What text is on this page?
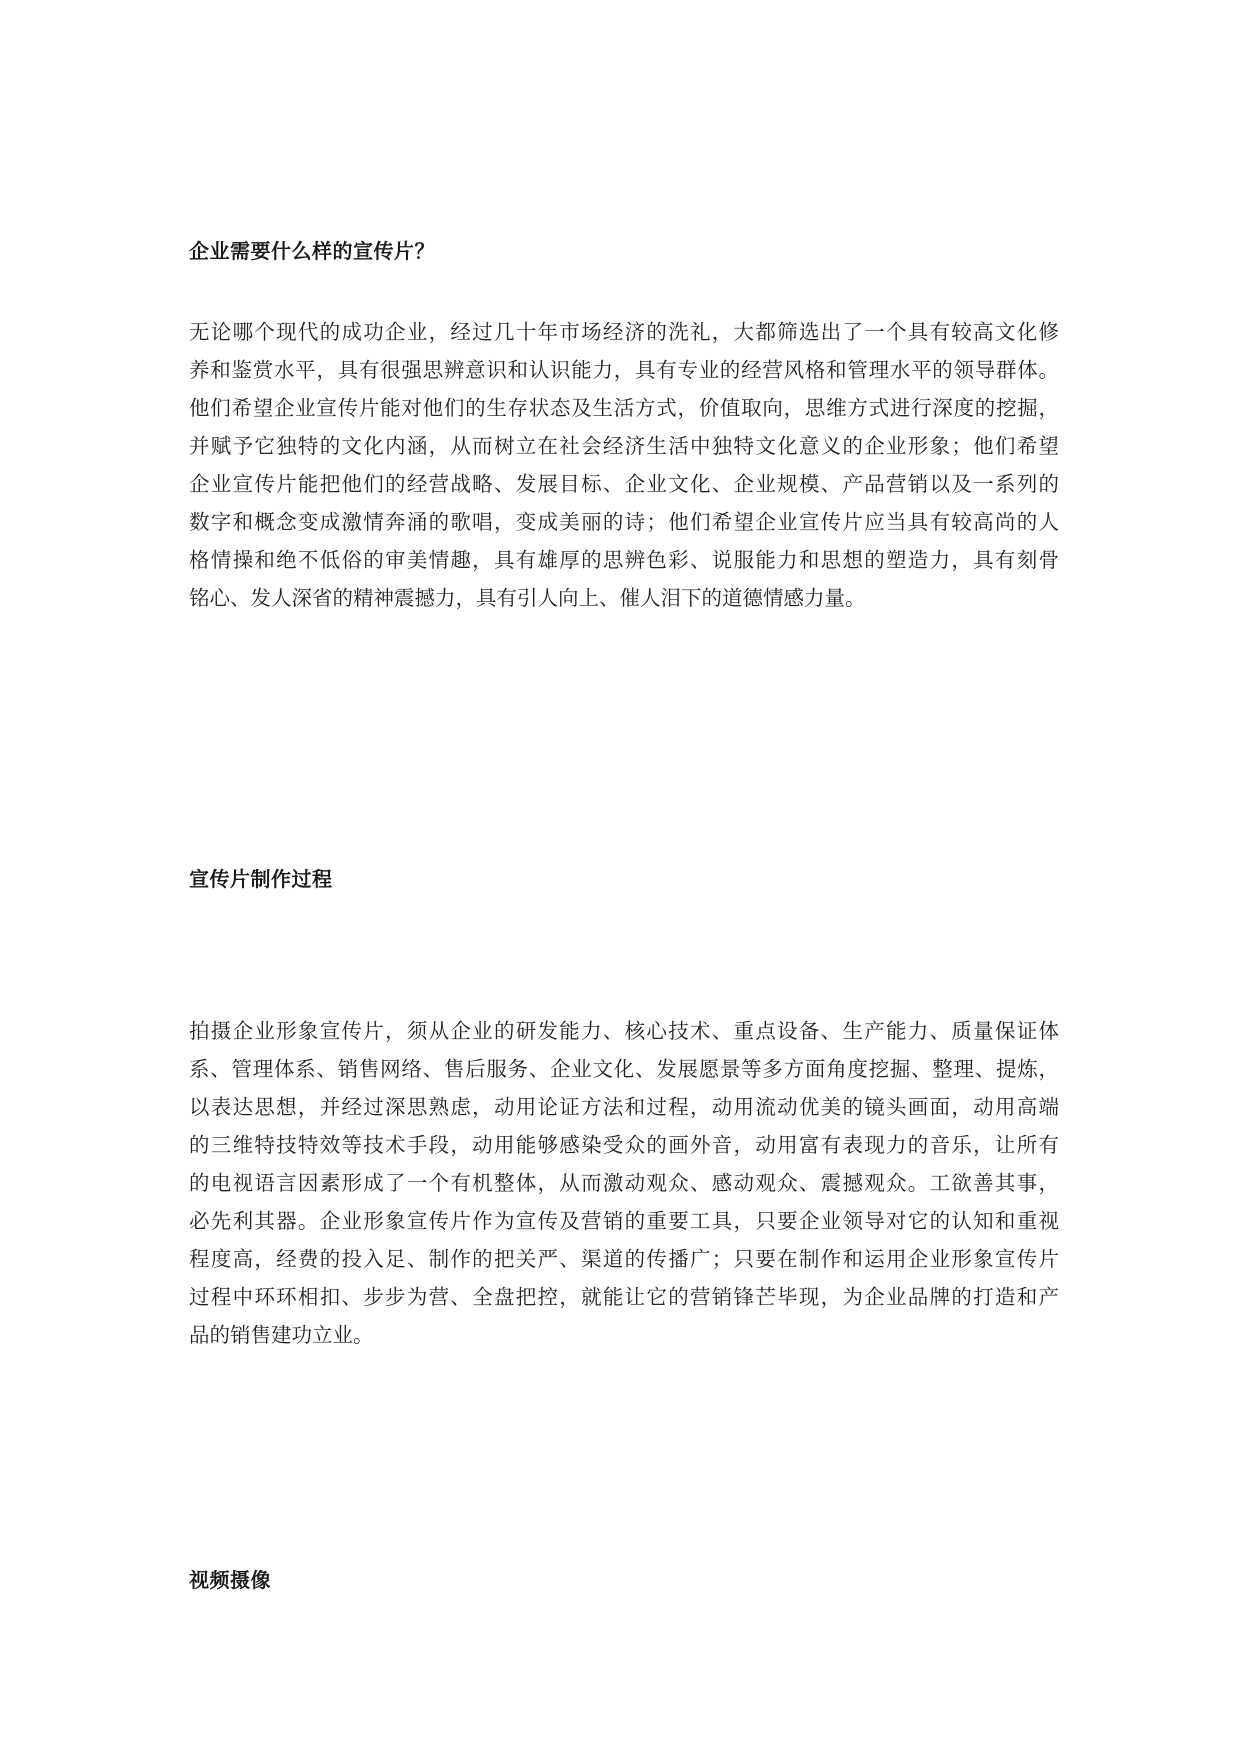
企业需要什么样的宣传片？
无论哪个现代的成功企业，经过几十年市场经济的洗礼，大都筛选出了一个具有较高文化修
养和鉴赏水平，具有很强思辨意识和认识能力，具有专业的经营风格和管理水平的领导群体。
他们希望企业宣传片能对他们的生存状态及生活方式，价值取向，思维方式进行深度的挖掘，
并赋予它独特的文化内涵，从而树立在社会经济生活中独特文化意义的企业形象；他们希望
企业宣传片能把他们的经营战略、发展目标、企业文化、企业规模、产品营销以及一系列的
数字和概念变成激情奔涌的歌唱，变成美丽的诗；他们希望企业宣传片应当具有较高尚的人
格情操和绝不低俗的审美情趣，具有雄厚的思辨色彩、说服能力和思想的塑造力，具有刻骨
铭心、发人深省的精神震撼力，具有引人向上、催人泪下的道德情感力量。
宣传片制作过程
拍摄企业形象宣传片，须从企业的研发能力、核心技术、重点设备、生产能力、质量保证体
系、管理体系、销售网络、售后服务、企业文化、发展愿景等多方面角度挖掘、整理、提炼，
以表达思想，并经过深思熟虑，动用论证方法和过程，动用流动优美的镜头画面，动用高端
的三维特技特效等技术手段，动用能够感染受众的画外音，动用富有表现力的音乐，让所有
的电视语言因素形成了一个有机整体，从而激动观众、感动观众、震撼观众。工欲善其事，
必先利其器。企业形象宣传片作为宣传及营销的重要工具，只要企业领导对它的认知和重视
程度高，经费的投入足、制作的把关严、渠道的传播广；只要在制作和运用企业形象宣传片
过程中环环相扣、步步为营、全盘把控，就能让它的营销锋芒毕现，为企业品牌的打造和产
品的销售建功立业。
视频摄像
